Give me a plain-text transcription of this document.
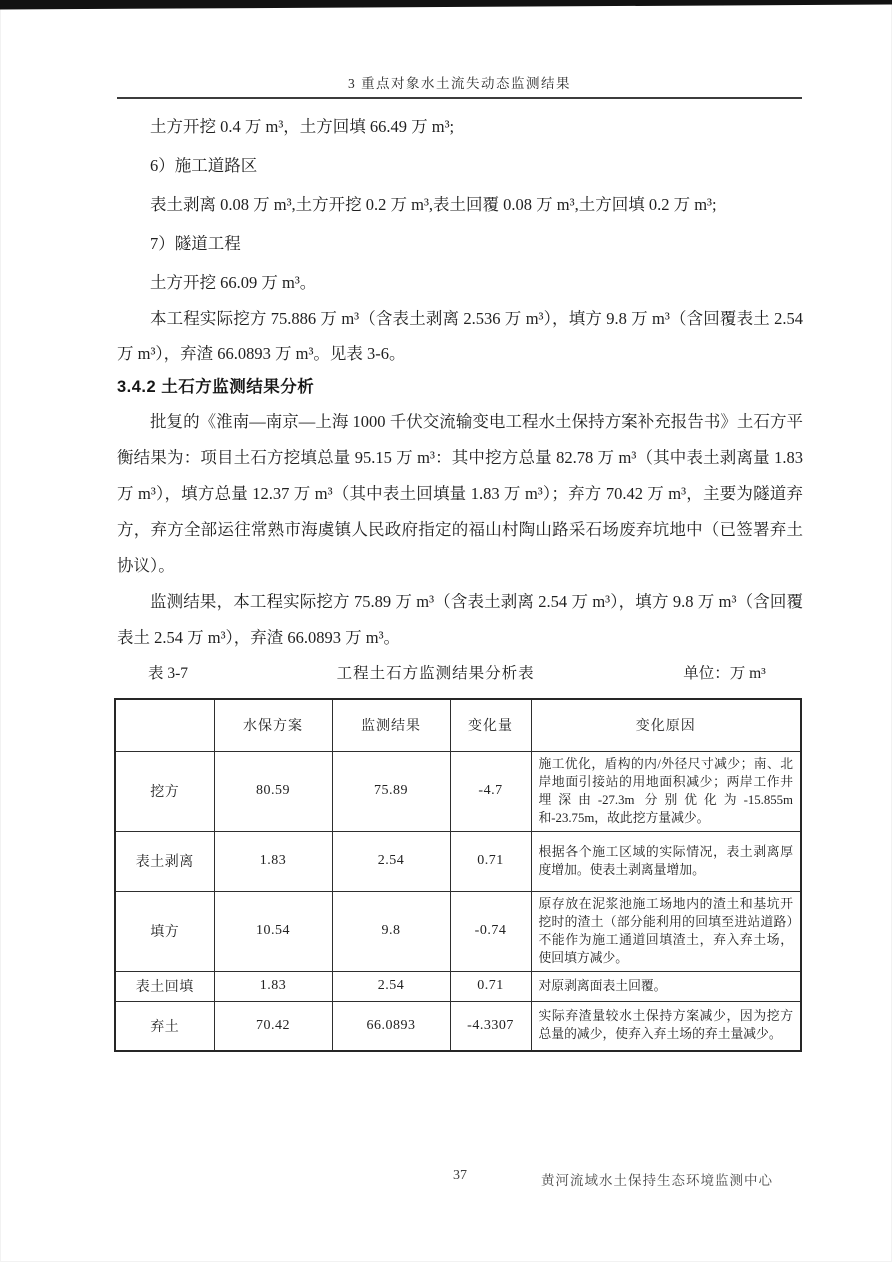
3 重点对象水土流失动态监测结果

土方开挖 0.4 万 m³，土方回填 66.49 万 m³;

6）施工道路区

表土剥离 0.08 万 m³,土方开挖 0.2 万 m³,表土回覆 0.08 万 m³,土方回填 0.2 万 m³;

7）隧道工程

土方开挖 66.09 万 m³。

本工程实际挖方 75.886 万 m³（含表土剥离 2.536 万 m³），填方 9.8 万 m³（含回覆表土 2.54 万 m³），弃渣 66.0893 万 m³。见表 3-6。

3.4.2 土石方监测结果分析

批复的《淮南—南京—上海 1000 千伏交流输变电工程水土保持方案补充报告书》土石方平衡结果为：项目土石方挖填总量 95.15 万 m³：其中挖方总量 82.78 万 m³（其中表土剥离量 1.83 万 m³），填方总量 12.37 万 m³（其中表土回填量 1.83 万 m³）；弃方 70.42 万 m³，主要为隧道弃方，弃方全部运往常熟市海虞镇人民政府指定的福山村陶山路采石场废弃坑地中（已签署弃土协议）。

监测结果，本工程实际挖方 75.89 万 m³（含表土剥离 2.54 万 m³），填方 9.8 万 m³（含回覆表土 2.54 万 m³），弃渣 66.0893 万 m³。

表 3-7	工程土石方监测结果分析表	单位：万 m³
	水保方案	监测结果	变化量	变化原因
挖方	80.59	75.89	-4.7	施工优化，盾构的内/外径尺寸减少；南、北岸地面引接站的用地面积减少；两岸工作井埋深由-27.3m 分别优化为-15.855m 和-23.75m，故此挖方量减少。
表土剥离	1.83	2.54	0.71	根据各个施工区域的实际情况，表土剥离厚度增加。使表土剥离量增加。
填方	10.54	9.8	-0.74	原存放在泥浆池施工场地内的渣土和基坑开挖时的渣土（部分能利用的回填至进站道路）不能作为施工通道回填渣土，弃入弃土场，使回填方减少。
表土回填	1.83	2.54	0.71	对原剥离面表土回覆。
弃土	70.42	66.0893	-4.3307	实际弃渣量较水土保持方案减少，因为挖方总量的减少，使弃入弃土场的弃土量减少。
37	黄河流域水土保持生态环境监测中心
